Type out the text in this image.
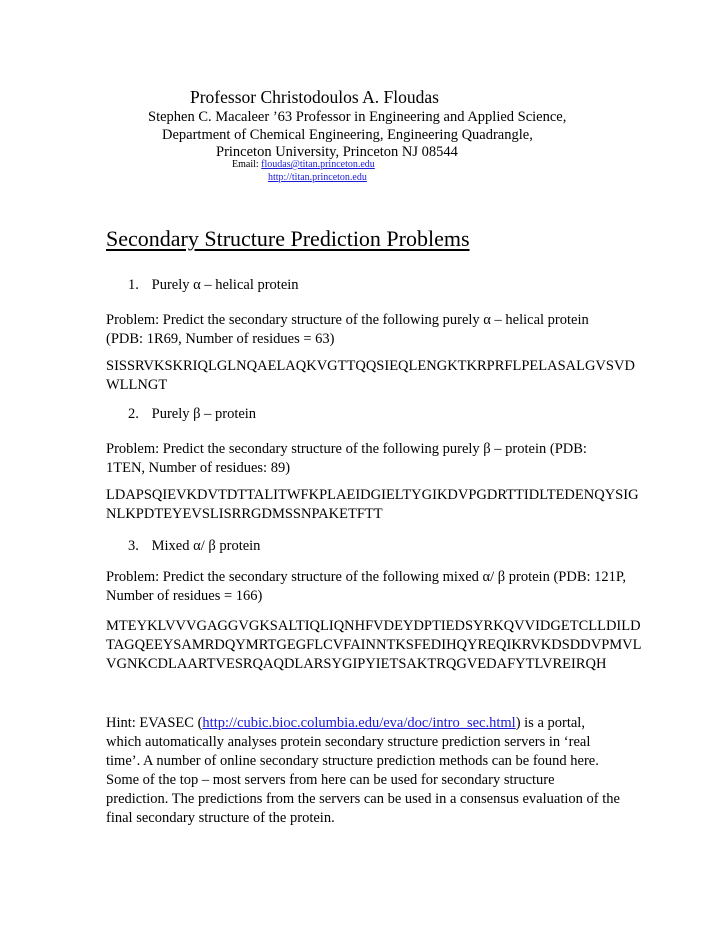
Professor Christodoulos A. Floudas

Stephen C. Macaleer ’63 Professor in Engineering and Applied Science,

Department of Chemical Engineering, Engineering Quadrangle,

Princeton University, Princeton NJ 08544

Email: floudas@titan.princeton.edu

http://titan.princeton.edu

Secondary Structure Prediction Problems

1. Purely α – helical protein

Problem: Predict the secondary structure of the following purely α – helical protein (PDB: 1R69, Number of residues = 63)

SISSRVKSKRIQLGLNQAELAQKVGTTQQSIEQLENGKTKRPRFLPELASALGVSVDWLLNGT

2. Purely β – protein

Problem: Predict the secondary structure of the following purely β – protein (PDB: 1TEN, Number of residues: 89)

LDAPSQIEVKDVTDTTALITWFKPLAEIDGIELTYGIKDVPGDRTTIDLTEDENQYSIGNLKPDTEYEVSLISRRGDMSSNPAKETFTT

3. Mixed α/ β protein

Problem: Predict the secondary structure of the following mixed α/ β protein (PDB: 121P, Number of residues = 166)

MTEYKLVVVGAGGVGKSALTIQLIQNHFVDEYDPTIEDSYRKQVVIDGETCLLDILDTAGQEEYSAMRDQYMRTGEGFLCVFAINNTKSFEDIHQYREQIKRVKDSDDVPMVLVGNKCDLAARTVESRQAQDLARSYGIPYIETSAKTRQGVEDAFYTLVREIRQH

Hint: EVASEC (http://cubic.bioc.columbia.edu/eva/doc/intro_sec.html) is a portal, which automatically analyses protein secondary structure prediction servers in ‘real time’. A number of online secondary structure prediction methods can be found here. Some of the top – most servers from here can be used for secondary structure prediction. The predictions from the servers can be used in a consensus evaluation of the final secondary structure of the protein.
